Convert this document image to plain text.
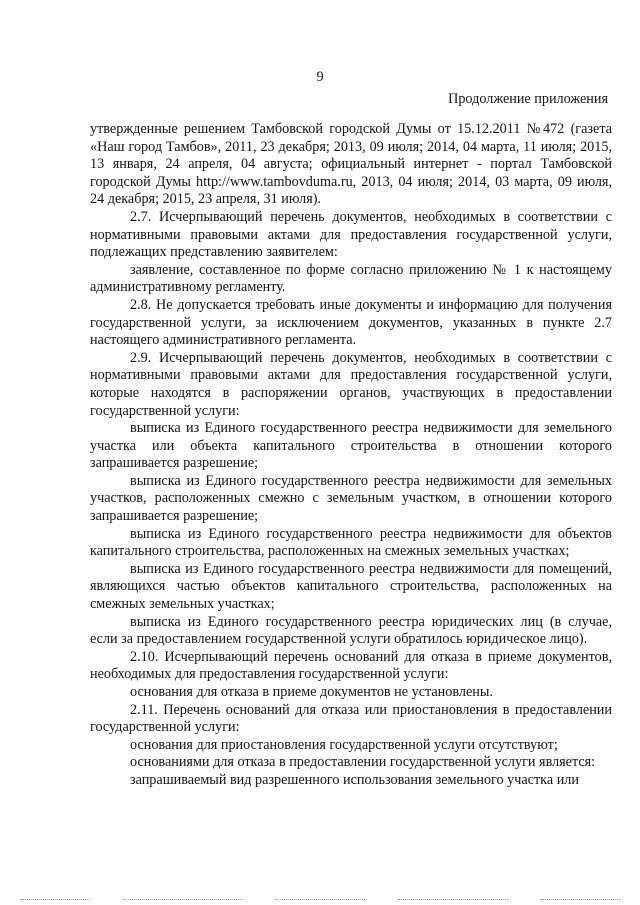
9
Продолжение приложения

утвержденные решением Тамбовской городской Думы от 15.12.2011 №472 (газета «Наш город Тамбов», 2011, 23 декабря; 2013, 09 июля; 2014, 04 марта, 11 июля; 2015, 13 января, 24 апреля, 04 августа; официальный интернет - портал Тамбовской городской Думы http://www.tambovduma.ru, 2013, 04 июля; 2014, 03 марта, 09 июля, 24 декабря; 2015, 23 апреля, 31 июля).

2.7. Исчерпывающий перечень документов, необходимых в соответствии с нормативными правовыми актами для предоставления государственной услуги, подлежащих представлению заявителем:

заявление, составленное по форме согласно приложению № 1 к настоящему административному регламенту.

2.8. Не допускается требовать иные документы и информацию для получения государственной услуги, за исключением документов, указанных в пункте 2.7 настоящего административного регламента.

2.9. Исчерпывающий перечень документов, необходимых в соответствии с нормативными правовыми актами для предоставления государственной услуги, которые находятся в распоряжении органов, участвующих в предоставлении государственной услуги:

выписка из Единого государственного реестра недвижимости для земельного участка или объекта капитального строительства в отношении которого запрашивается разрешение;

выписка из Единого государственного реестра недвижимости для земельных участков, расположенных смежно с земельным участком, в отношении которого запрашивается разрешение;

выписка из Единого государственного реестра недвижимости для объектов капитального строительства, расположенных на смежных земельных участках;

выписка из Единого государственного реестра недвижимости для помещений, являющихся частью объектов капитального строительства, расположенных на смежных земельных участках;

выписка из Единого государственного реестра юридических лиц (в случае, если за предоставлением государственной услуги обратилось юридическое лицо).

2.10. Исчерпывающий перечень оснований для отказа в приеме документов, необходимых для предоставления государственной услуги:

основания для отказа в приеме документов не установлены.

2.11. Перечень оснований для отказа или приостановления в предоставлении государственной услуги:

основания для приостановления государственной услуги отсутствуют;

основаниями для отказа в предоставлении государственной услуги является:

запрашиваемый вид разрешенного использования земельного участка или
